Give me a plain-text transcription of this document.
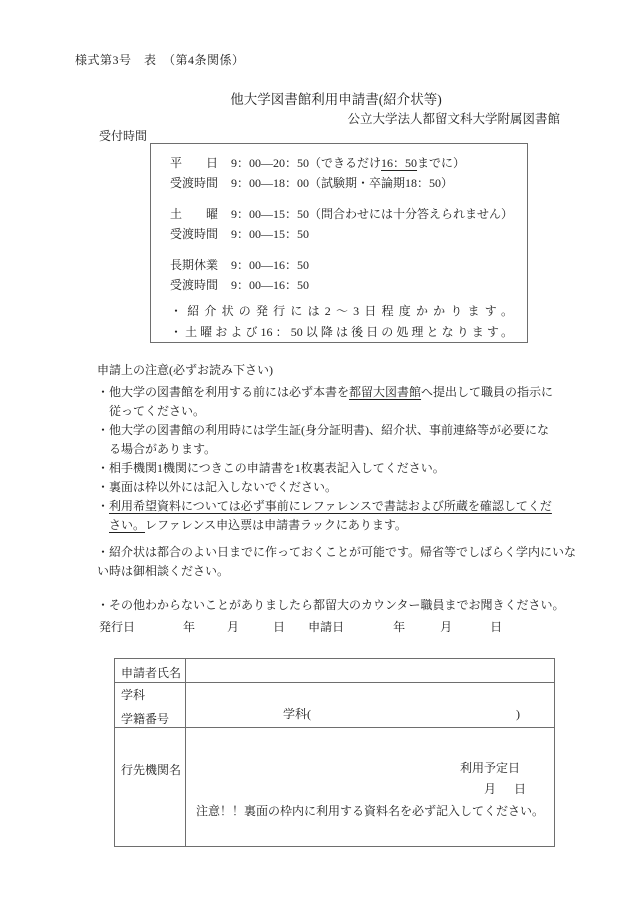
様式第3号　表　（第4条関係）
他大学図書館利用申請書(紹介状等)
公立大学法人都留文科大学附属図書館
受付時間
平　　日 9：00—20：50（できるだけ16：50までに）
受渡時間 9：00—18：00（試験期・卒論期18：50）
土　　曜 9：00—15：50（問合わせには十分答えられません）
受渡時間 9：00—15：50
長期休業 9：00—16：50
受渡時間 9：00—16：50
・紹介状の発行には2〜3日程度かかります。
・土曜および16：50以降は後日の処理となります。
申請上の注意(必ずお読み下さい)
・他大学の図書館を利用する前には必ず本書を都留大図書館へ提出して職員の指示に従ってください。
・他大学の図書館の利用時には学生証(身分証明書)、紹介状、事前連絡等が必要になる場合があります。
・相手機関1機関につきこの申請書を1枚裏表記入してください。
・裏面は枠以外には記入しないでください。
・利用希望資料については必ず事前にレファレンスで書誌および所蔵を確認してください。レファレンス申込票は申請書ラックにあります。
・紹介状は都合のよい日までに作っておくことが可能です。帰省等でしばらく学内にいない時は御相談ください。
・その他わからないことがありましたら都留大のカウンター職員までお聞きください。
発行日	年	月	日 申請日	年	月	日
申請者氏名	

学科
学籍番号	学科( )
行先機関名	利用予定日
月 日
注意！！裏面の枠内に利用する資料名を必ず記入してください。
